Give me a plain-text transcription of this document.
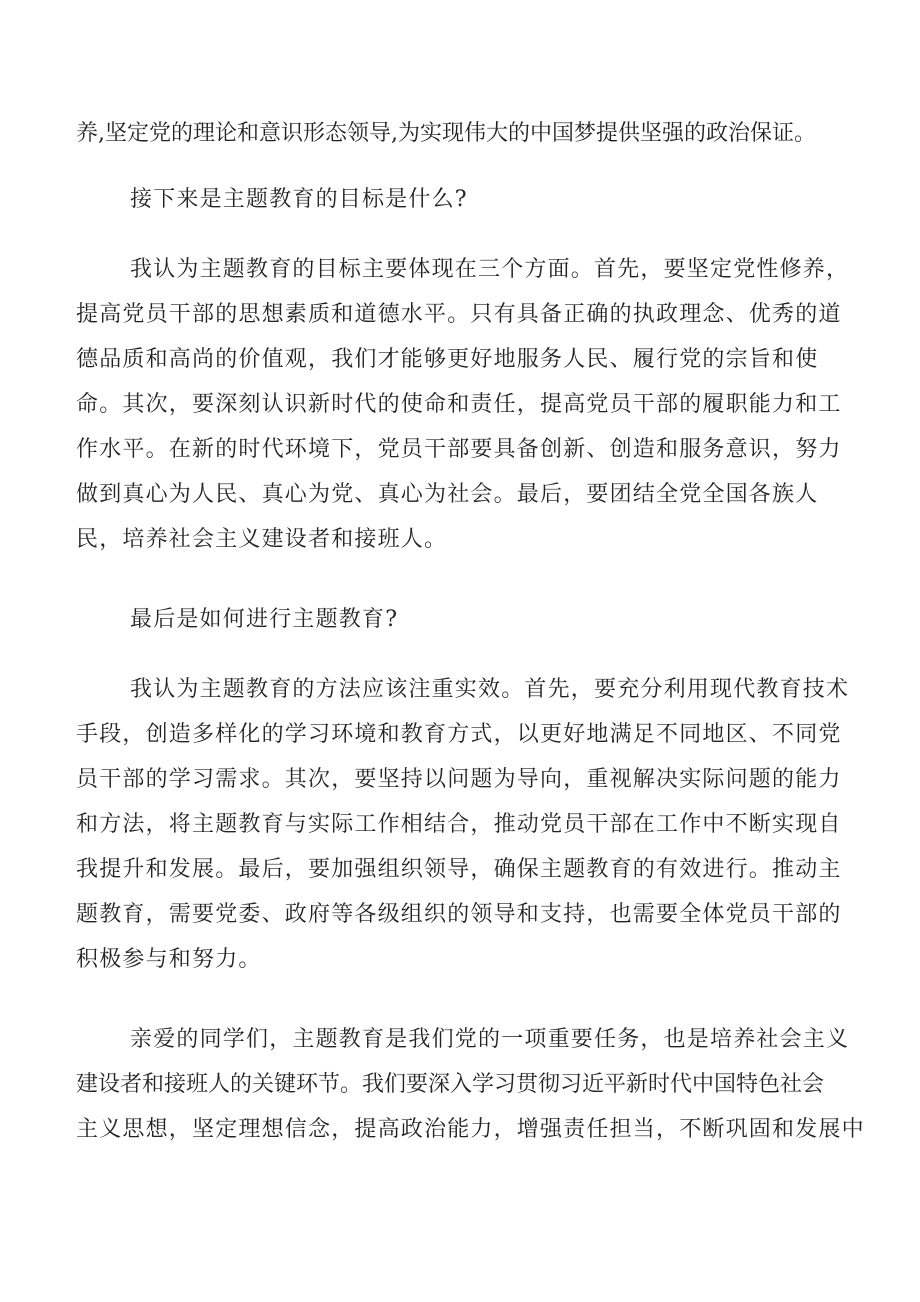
养,坚定党的理论和意识形态领导,为实现伟大的中国梦提供坚强的政治保证。
接下来是主题教育的目标是什么?
我认为主题教育的目标主要体现在三个方面。首先，要坚定党性修养，
提高党员干部的思想素质和道德水平。只有具备正确的执政理念、优秀的道
德品质和高尚的价值观，我们才能够更好地服务人民、履行党的宗旨和使
命。其次，要深刻认识新时代的使命和责任，提高党员干部的履职能力和工
作水平。在新的时代环境下，党员干部要具备创新、创造和服务意识，努力
做到真心为人民、真心为党、真心为社会。最后，要团结全党全国各族人
民，培养社会主义建设者和接班人。
最后是如何进行主题教育?
我认为主题教育的方法应该注重实效。首先，要充分利用现代教育技术
手段，创造多样化的学习环境和教育方式，以更好地满足不同地区、不同党
员干部的学习需求。其次，要坚持以问题为导向，重视解决实际问题的能力
和方法，将主题教育与实际工作相结合，推动党员干部在工作中不断实现自
我提升和发展。最后，要加强组织领导，确保主题教育的有效进行。推动主
题教育，需要党委、政府等各级组织的领导和支持，也需要全体党员干部的
积极参与和努力。
亲爱的同学们，主题教育是我们党的一项重要任务，也是培养社会主义
建设者和接班人的关键环节。我们要深入学习贯彻习近平新时代中国特色社会
主义思想，坚定理想信念，提高政治能力，增强责任担当，不断巩固和发展中
